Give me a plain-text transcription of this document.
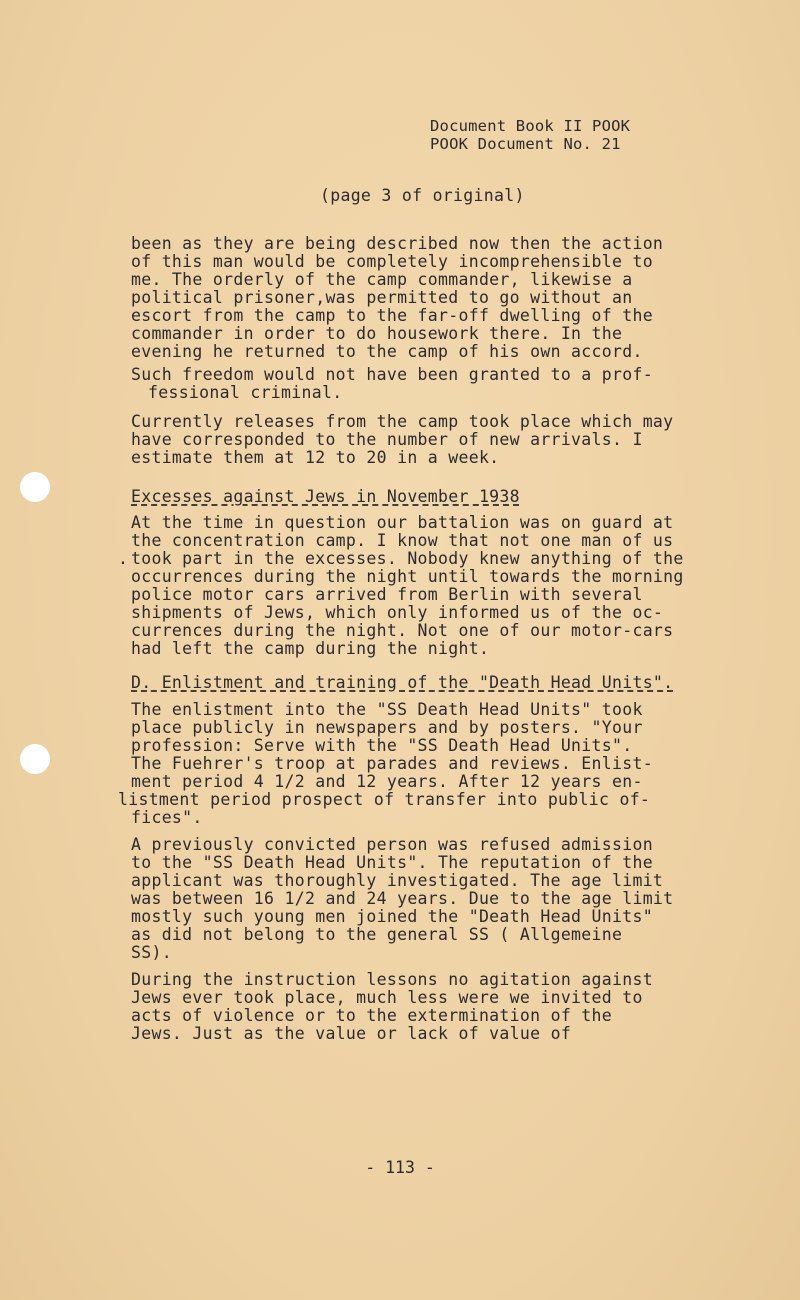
Document Book II POOK
POOK Document No. 21
(page 3 of original)
been as they are being described now then the action
of this man would be completely incomprehensible to
me. The orderly of the camp commander, likewise a
political prisoner,was permitted to go without an
escort from the camp to the far-off dwelling of the
commander in order to do housework there. In the
evening he returned to the camp of his own accord.
Such freedom would not have been granted to a prof-
fessional criminal.
Currently releases from the camp took place which may
have corresponded to the number of new arrivals. I
estimate them at 12 to 20 in a week.
Excesses against Jews in November 1938
At the time in question our battalion was on guard at
the concentration camp. I know that not one man of us
. took part in the excesses. Nobody knew anything of the
occurrences during the night until towards the morning
police motor cars arrived from Berlin with several
shipments of Jews, which only informed us of the oc-
currences during the night. Not one of our motor-cars
had left the camp during the night.
D. Enlistment and training of the "Death Head Units".
The enlistment into the "SS Death Head Units" took
place publicly in newspapers and by posters. "Your
profession: Serve with the "SS Death Head Units".
The Fuehrer's troop at parades and reviews. Enlist-
ment period 4 1/2 and 12 years. After 12 years en-
listment period prospect of transfer into public of-
fices".
A previously convicted person was refused admission
to the "SS Death Head Units". The reputation of the
applicant was thoroughly investigated. The age limit
was between 16 1/2 and 24 years. Due to the age limit
mostly such young men joined the "Death Head Units"
as did not belong to the general SS ( Allgemeine
SS).
During the instruction lessons no agitation against
Jews ever took place, much less were we invited to
acts of violence or to the extermination of the
Jews. Just as the value or lack of value of
- 113 -
